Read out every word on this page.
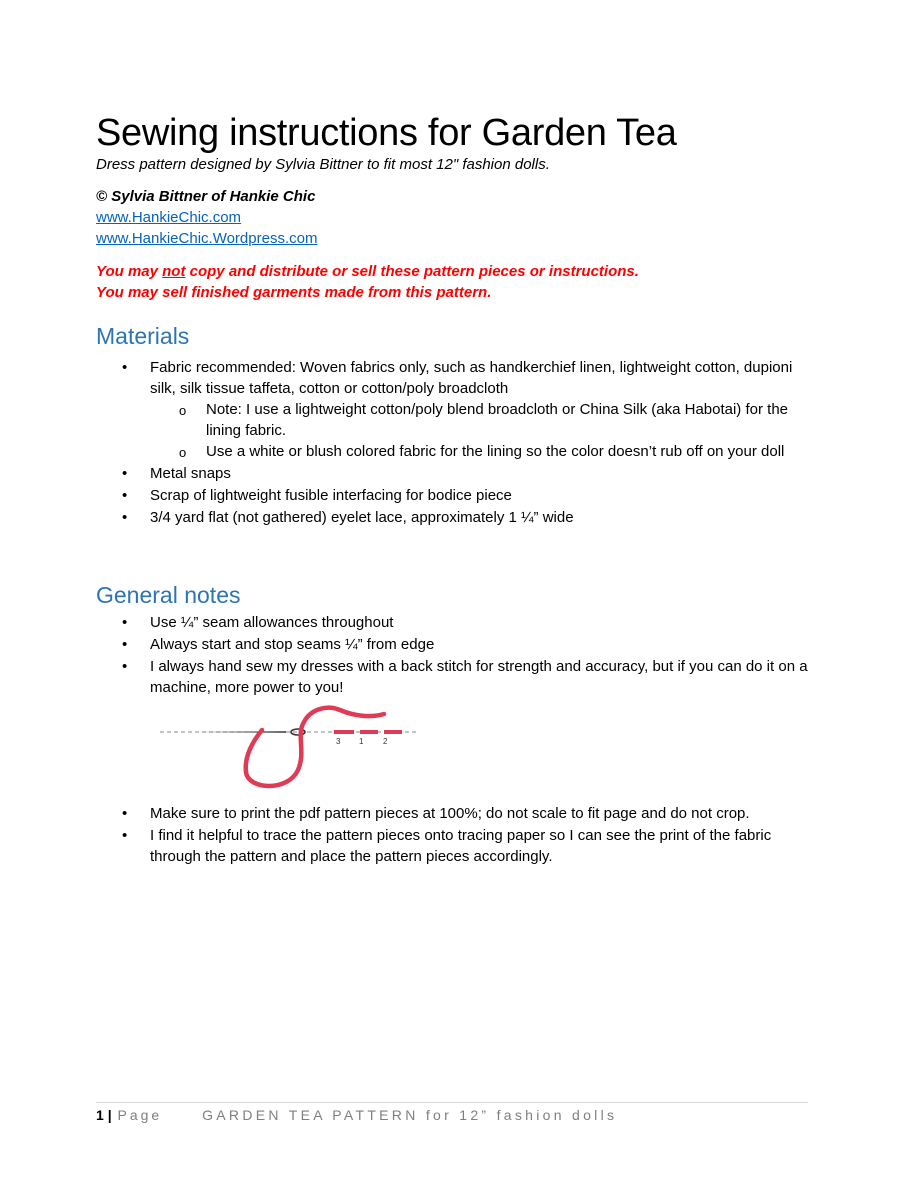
Sewing instructions for Garden Tea
Dress pattern designed by Sylvia Bittner to fit most 12" fashion dolls.
© Sylvia Bittner of Hankie Chic
www.HankieChic.com
www.HankieChic.Wordpress.com
You may not copy and distribute or sell these pattern pieces or instructions.
You may sell finished garments made from this pattern.
Materials
• Fabric recommended: Woven fabrics only, such as handkerchief linen, lightweight cotton, dupioni silk, silk tissue taffeta, cotton or cotton/poly broadcloth
o Note: I use a lightweight cotton/poly blend broadcloth or China Silk (aka Habotai) for the lining fabric.
o Use a white or blush colored fabric for the lining so the color doesn’t rub off on your doll
• Metal snaps
• Scrap of lightweight fusible interfacing for bodice piece
• 3/4 yard flat (not gathered) eyelet lace, approximately 1 ¼” wide
General notes
• Use ¼” seam allowances throughout
• Always start and stop seams ¼” from edge
• I always hand sew my dresses with a back stitch for strength and accuracy, but if you can do it on a machine, more power to you!
3 1 2
• Make sure to print the pdf pattern pieces at 100%; do not scale to fit page and do not crop.
• I find it helpful to trace the pattern pieces onto tracing paper so I can see the print of the fabric through the pattern and place the pattern pieces accordingly.
1 | Page	GARDEN TEA PATTERN for 12” fashion dolls
